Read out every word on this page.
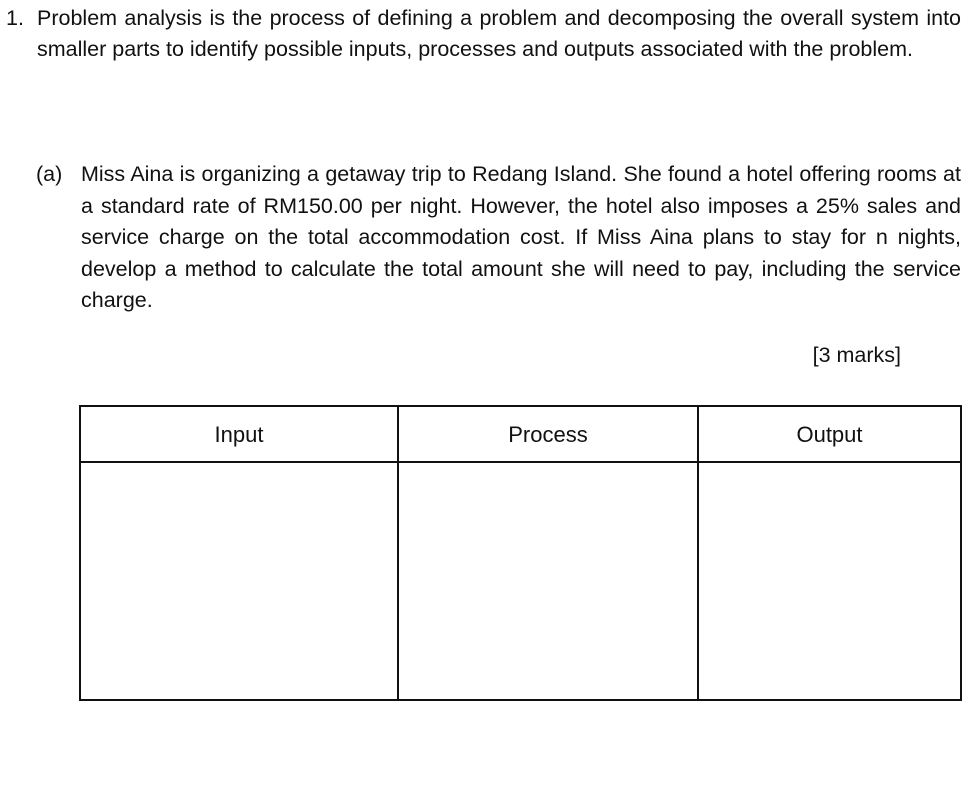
1. Problem analysis is the process of defining a problem and decomposing the overall system into smaller parts to identify possible inputs, processes and outputs associated with the problem.
(a) Miss Aina is organizing a getaway trip to Redang Island. She found a hotel offering rooms at a standard rate of RM150.00 per night. However, the hotel also imposes a 25% sales and service charge on the total accommodation cost. If Miss Aina plans to stay for n nights, develop a method to calculate the total amount she will need to pay, including the service charge.
[3 marks]
Input	Process	Output
